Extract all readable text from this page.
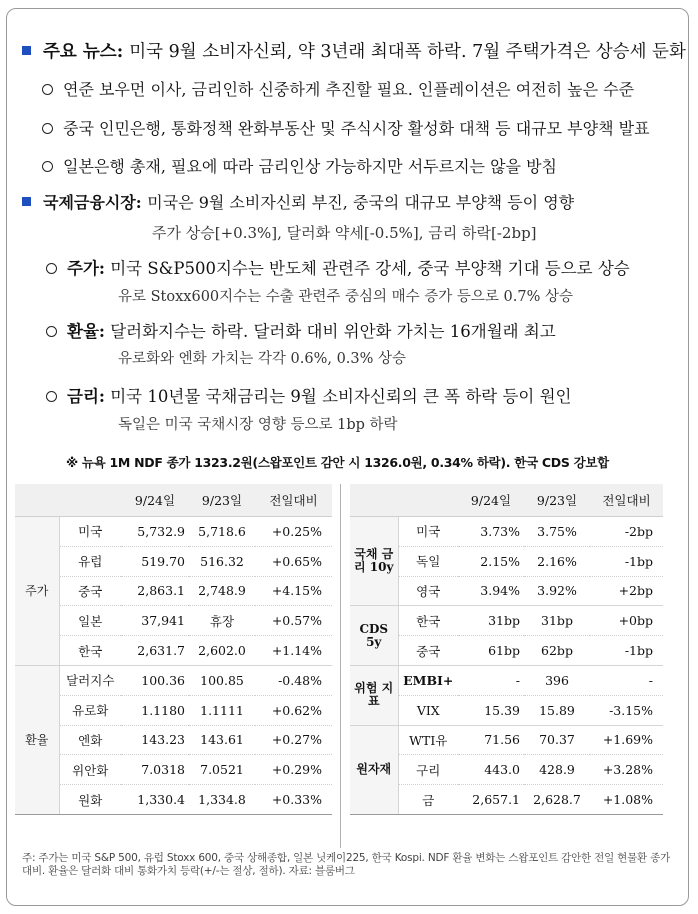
주요 뉴스: 미국 9월 소비자신뢰, 약 3년래 최대폭 하락. 7월 주택가격은 상승세 둔화
연준 보우먼 이사, 금리인하 신중하게 추진할 필요. 인플레이션은 여전히 높은 수준
중국 인민은행, 통화정책 완화부동산 및 주식시장 활성화 대책 등 대규모 부양책 발표
일본은행 총재, 필요에 따라 금리인상 가능하지만 서두르지는 않을 방침
국제금융시장: 미국은 9월 소비자신뢰 부진, 중국의 대규모 부양책 등이 영향
주가 상승[+0.3%], 달러화 약세[-0.5%], 금리 하락[-2bp]
주가: 미국 S&P500지수는 반도체 관련주 강세, 중국 부양책 기대 등으로 상승
유로 Stoxx600지수는 수출 관련주 중심의 매수 증가 등으로 0.7% 상승
환율: 달러화지수는 하락. 달러화 대비 위안화 가치는 16개월래 최고
유로화와 엔화 가치는 각각 0.6%, 0.3% 상승
금리: 미국 10년물 국채금리는 9월 소비자신뢰의 큰 폭 하락 등이 원인
독일은 미국 국채시장 영향 등으로 1bp 하락
※ 뉴욕 1M NDF 종가 1323.2원(스왑포인트 감안 시 1326.0원, 0.34% 하락). 한국 CDS 강보합
		9/24일	9/23일	전일대비
주가	미국	5,732.9	5,718.6	+0.25%
	유럽	519.70	516.32	+0.65%
	중국	2,863.1	2,748.9	+4.15%
	일본	37,941	휴장	+0.57%
	한국	2,631.7	2,602.0	+1.14%
환율	달러지수	100.36	100.85	-0.48%
	유로화	1.1180	1.1111	+0.62%
	엔화	143.23	143.61	+0.27%
	위안화	7.0318	7.0521	+0.29%
	원화	1,330.4	1,334.8	+0.33%
		9/24일	9/23일	전일대비
국채 금리 10y	미국	3.73%	3.75%	-2bp
	독일	2.15%	2.16%	-1bp
	영국	3.94%	3.92%	+2bp
CDS 5y	한국	31bp	31bp	+0bp
	중국	61bp	62bp	-1bp
위험 지표	EMBI+	-	396	-
	VIX	15.39	15.89	-3.15%
원자재	WTI유	71.56	70.37	+1.69%
	구리	443.0	428.9	+3.28%
	금	2,657.1	2,628.7	+1.08%
주: 주가는 미국 S&P 500, 유럽 Stoxx 600, 중국 상해종합, 일본 닛케이225, 한국 Kospi. NDF 환율 변화는 스왑포인트 감안한 전일 현물환 종가 대비. 환율은 달러화 대비 통화가치 등락(+/-는 절상, 절하). 자료: 블룸버그
